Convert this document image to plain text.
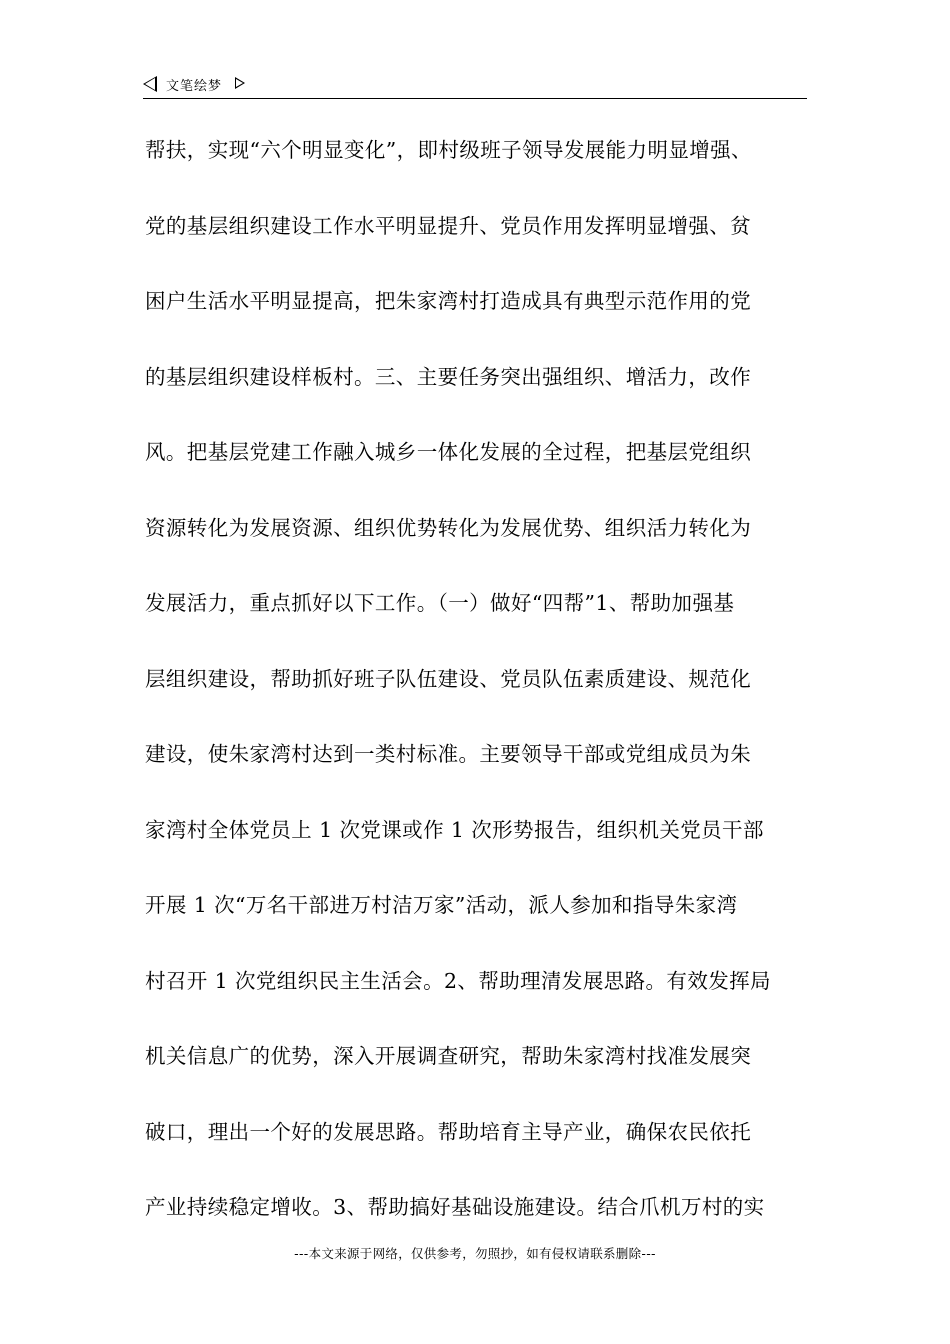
文笔绘梦
帮扶，实现“六个明显变化”，即村级班子领导发展能力明显增强、
党的基层组织建设工作水平明显提升、党员作用发挥明显增强、贫
困户生活水平明显提高，把朱家湾村打造成具有典型示范作用的党
的基层组织建设样板村。三、主要任务突出强组织、增活力，改作
风。把基层党建工作融入城乡一体化发展的全过程，把基层党组织
资源转化为发展资源、组织优势转化为发展优势、组织活力转化为
发展活力，重点抓好以下工作。（一）做好“四帮”1、帮助加强基
层组织建设，帮助抓好班子队伍建设、党员队伍素质建设、规范化
建设，使朱家湾村达到一类村标准。主要领导干部或党组成员为朱
家湾村全体党员上 1 次党课或作 1 次形势报告，组织机关党员干部
开展 1 次“万名干部进万村洁万家”活动，派人参加和指导朱家湾
村召开 1 次党组织民主生活会。2、帮助理清发展思路。有效发挥局
机关信息广的优势，深入开展调查研究，帮助朱家湾村找准发展突
破口，理出一个好的发展思路。帮助培育主导产业，确保农民依托
产业持续稳定增收。3、帮助搞好基础设施建设。结合爪机万村的实
---本文来源于网络，仅供参考，勿照抄，如有侵权请联系删除---
